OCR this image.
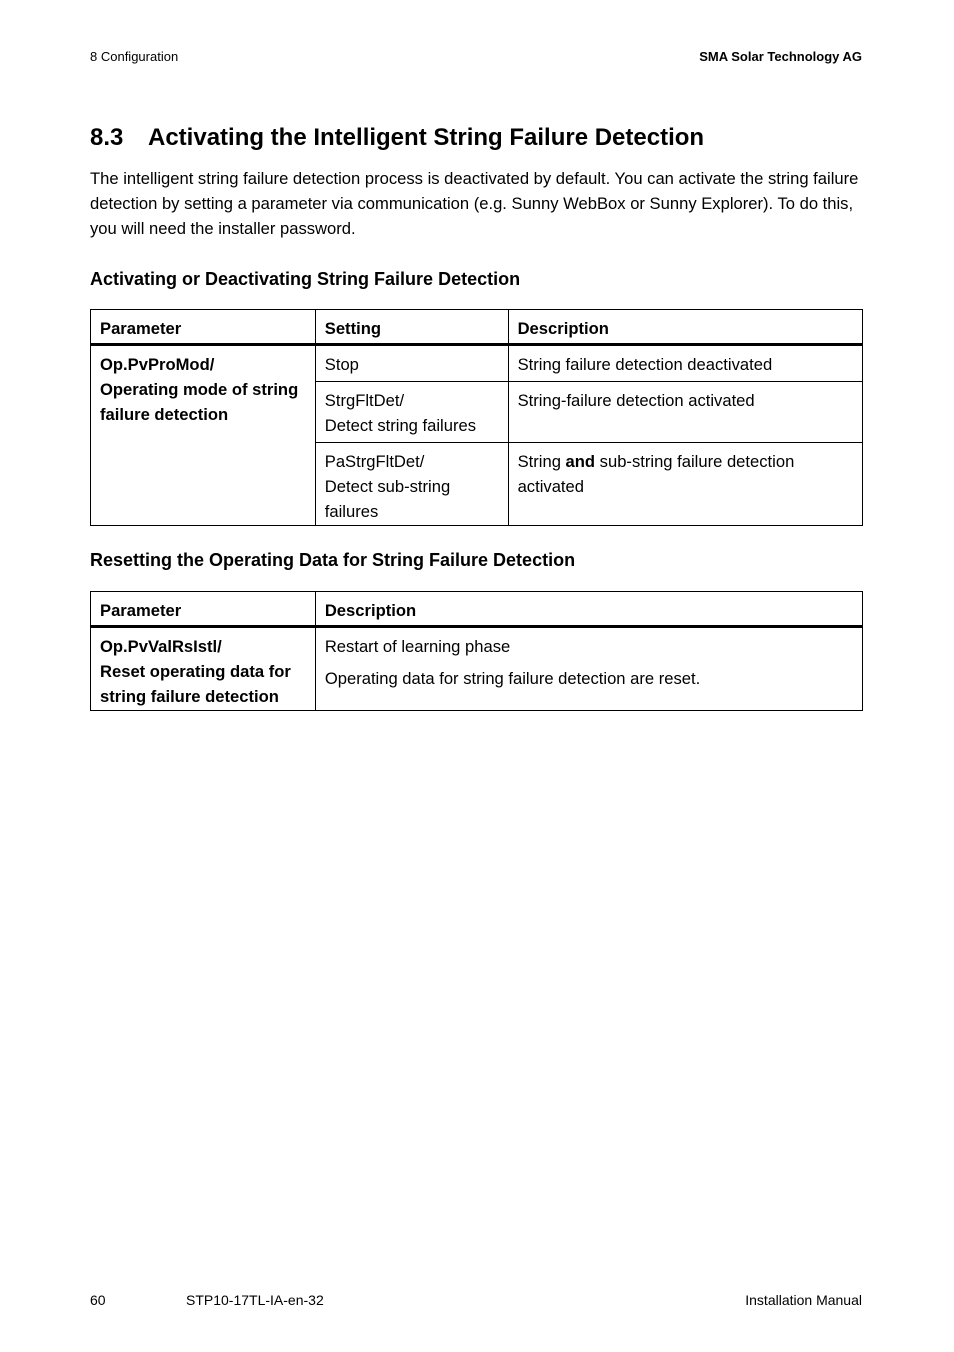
8 Configuration	SMA Solar Technology AG
8.3 Activating the Intelligent String Failure Detection

The intelligent string failure detection process is deactivated by default. You can activate the string failure detection by setting a parameter via communication (e.g. Sunny WebBox or Sunny Explorer). To do this, you will need the installer password.

Activating or Deactivating String Failure Detection
Parameter	Setting	Description

Op.PvProMod/
Operating mode of string failure detection	Stop	String failure detection deactivated

	StrgFltDet/
Detect string failures	String-failure detection activated

	PaStrgFltDet/
Detect sub-string failures	String and sub-string failure detection activated
Resetting the Operating Data for String Failure Detection
Parameter	Description

Op.PvValRsIstl/
Reset operating data for string failure detection	Restart of learning phase
Operating data for string failure detection are reset.
60	STP10-17TL-IA-en-32	Installation Manual
